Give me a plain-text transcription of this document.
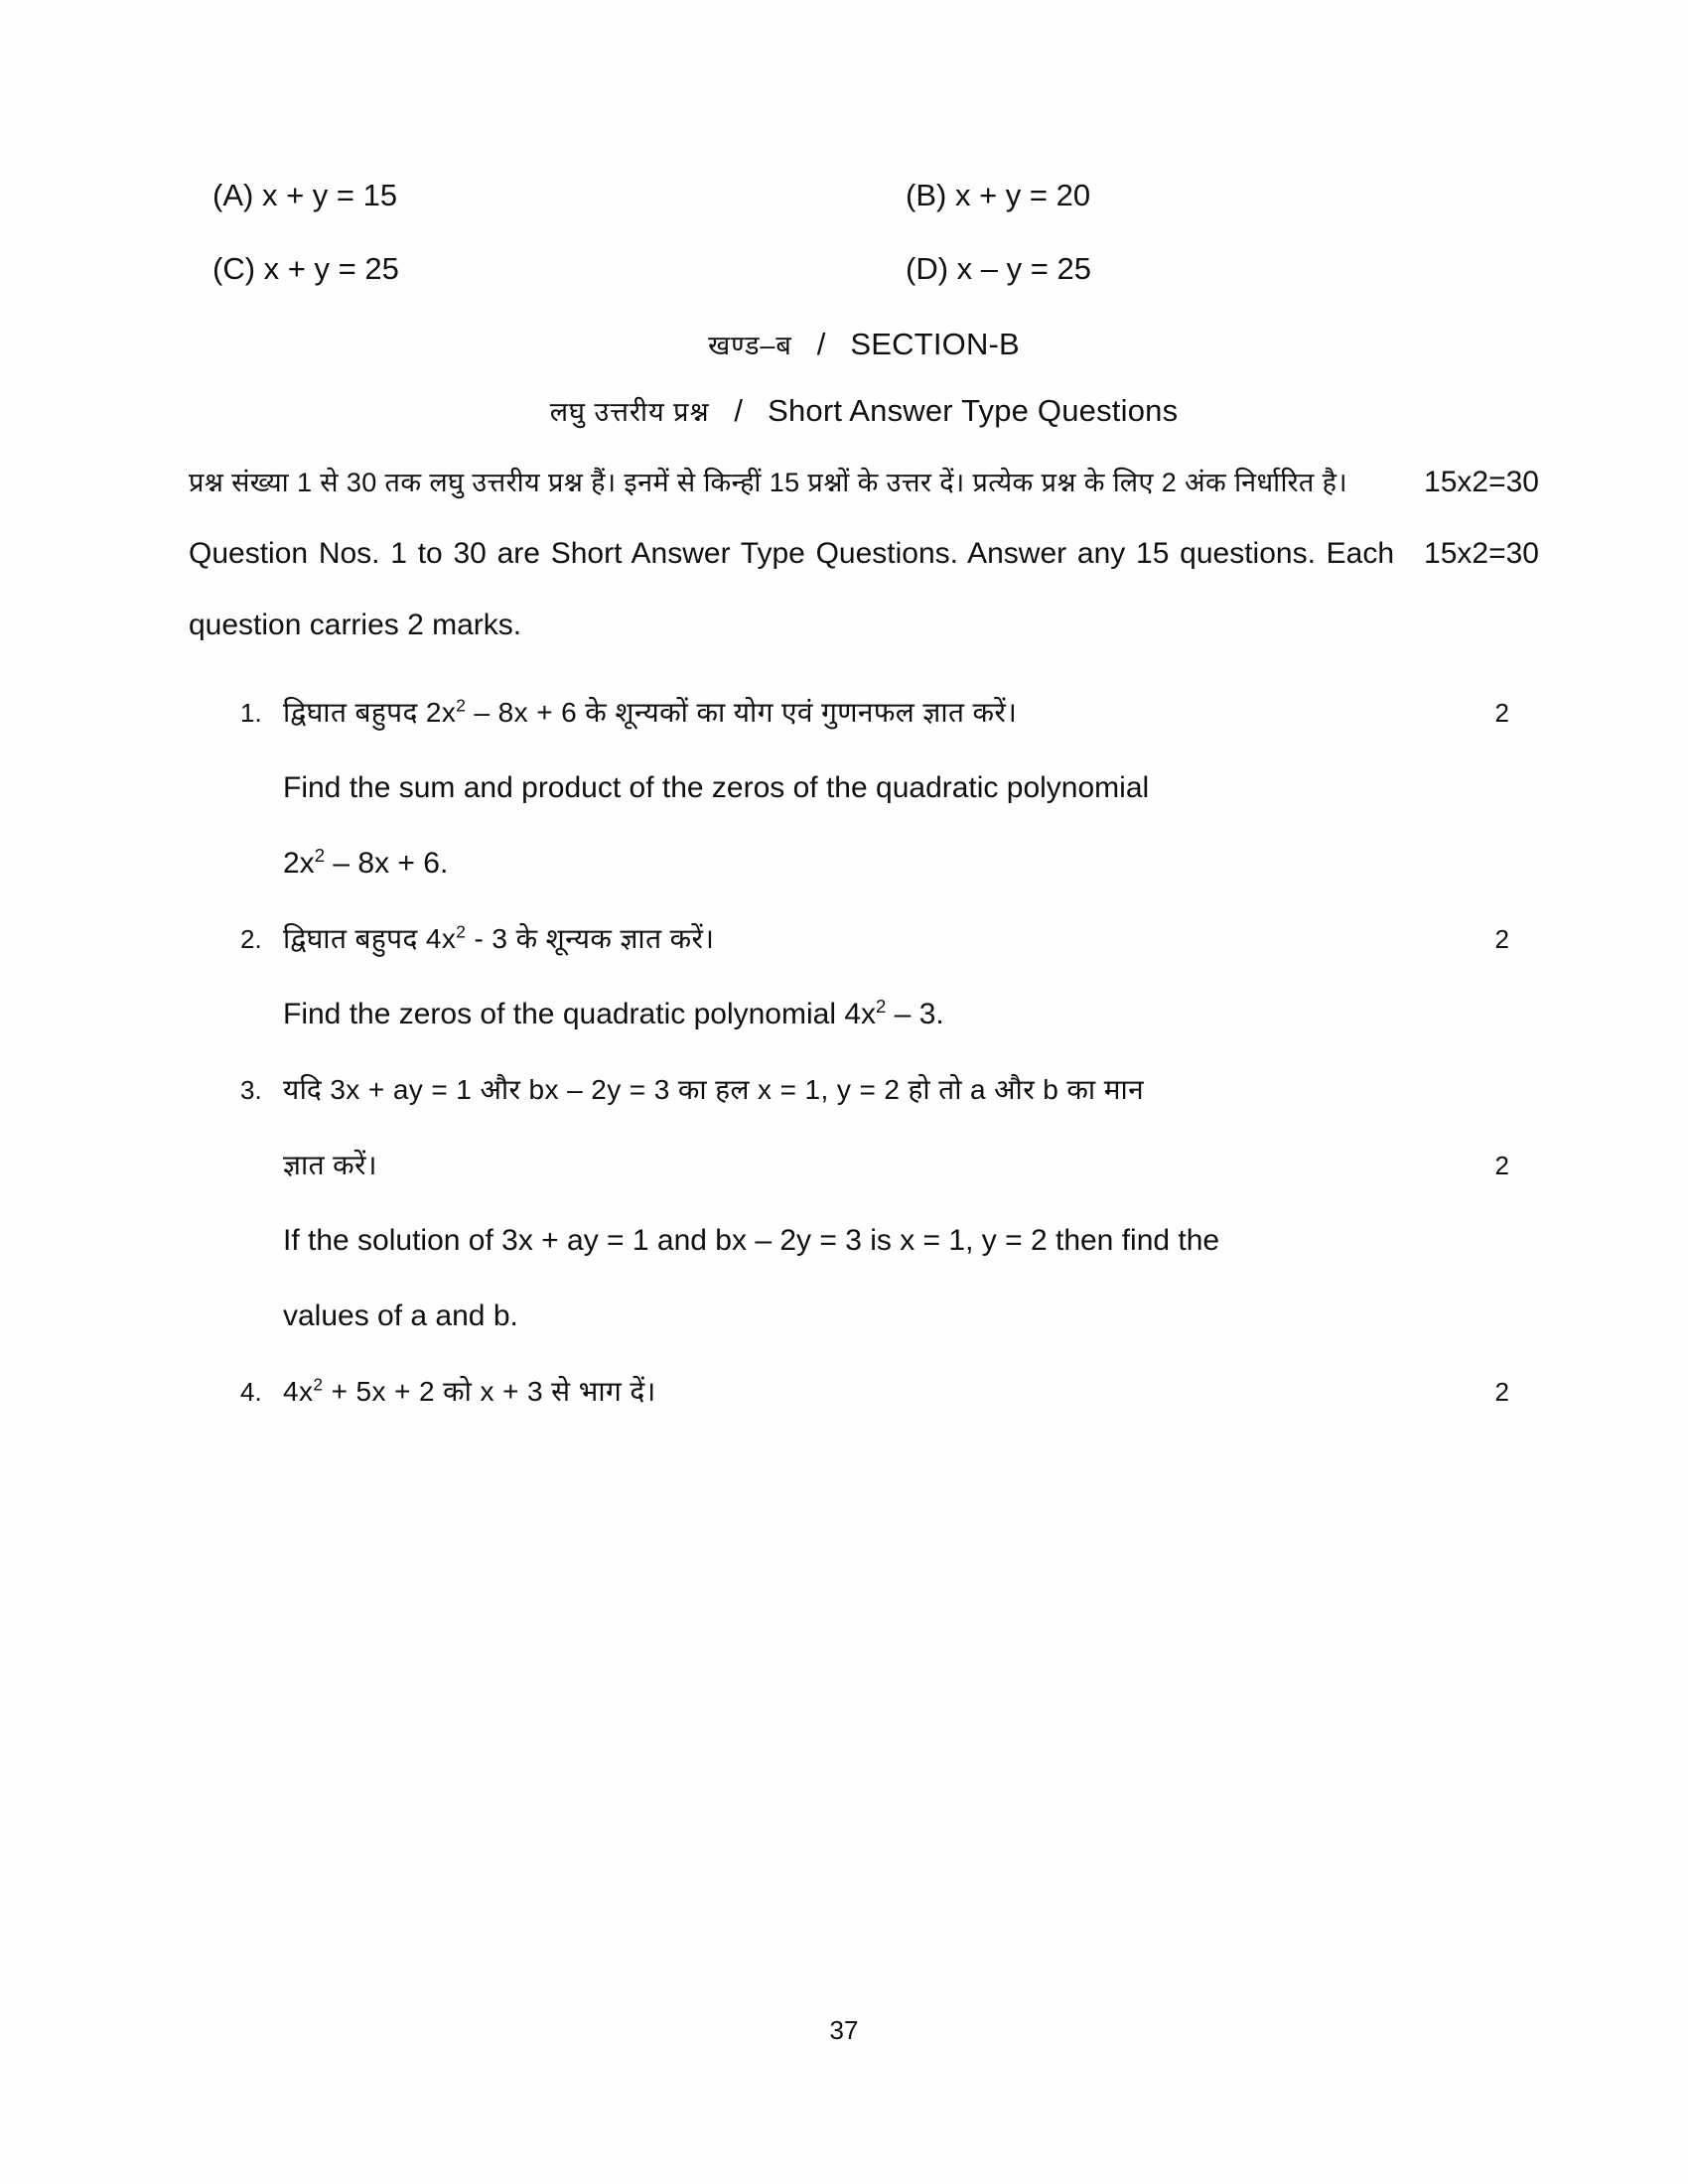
(A) x + y = 15	(B) x + y = 20
(C) x + y = 25	(D) x – y = 25
खण्ड–ब / SECTION-B
लघु उत्तरीय प्रश्न / Short Answer Type Questions
15x2=30
प्रश्न संख्या 1 से 30 तक लघु उत्तरीय प्रश्न हैं। इनमें से किन्हीं 15 प्रश्नों के उत्तर दें। प्रत्येक प्रश्न के लिए 2 अंक निर्धारित है।
15x2=30
Question Nos. 1 to 30 are Short Answer Type Questions. Answer any 15 questions. Each question carries 2 marks.
1. द्विघात बहुपद $2x^2 - 8x + 6$ के शून्यकों का योग एवं गुणनफल ज्ञात करें।	2
Find the sum and product of the zeros of the quadratic polynomial
$2x^2 - 8x + 6$.
2. द्विघात बहुपद $4x^2 - 3$ के शून्यक ज्ञात करें।	2
Find the zeros of the quadratic polynomial $4x^2 - 3$.
3. यदि 3x + ay = 1 और bx – 2y = 3 का हल x = 1, y = 2 हो तो a और b का मान
ज्ञात करें।	2
If the solution of 3x + ay = 1 and bx – 2y = 3 is x = 1, y = 2 then find the
values of a and b.
4. $4x^2 + 5x + 2$ को x + 3 से भाग दें।	2
37
